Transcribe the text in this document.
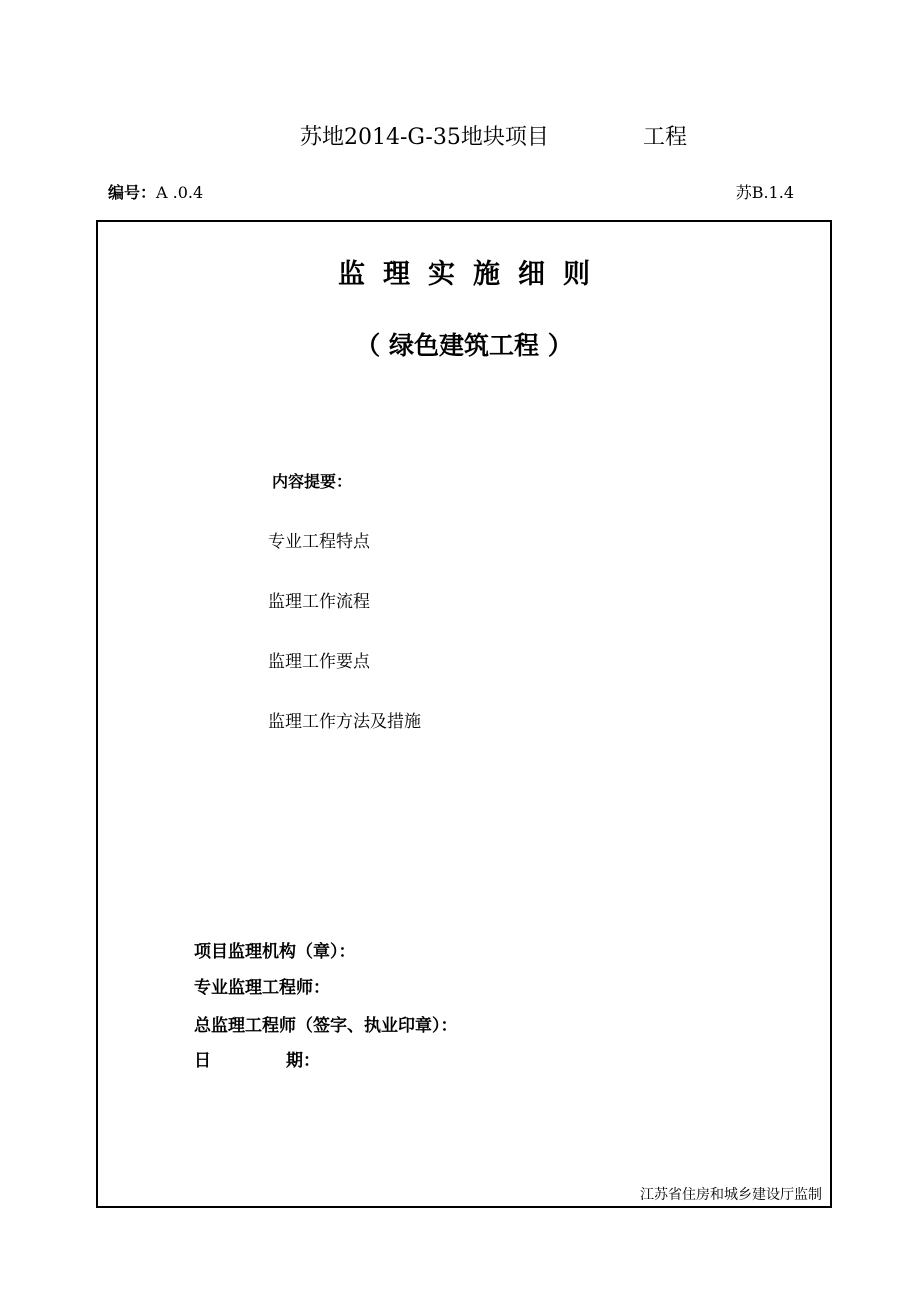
苏地2014-G-35地块项目	工程
编号：A .0.4	苏B.1.4
监理实施细则
（ 绿色建筑工程 ）
内容提要：
专业工程特点
监理工作流程
监理工作要点
监理工作方法及措施
项目监理机构（章）：
专业监理工程师：
总监理工程师（签字、执业印章）：
日	期：
江苏省住房和城乡建设厅监制
